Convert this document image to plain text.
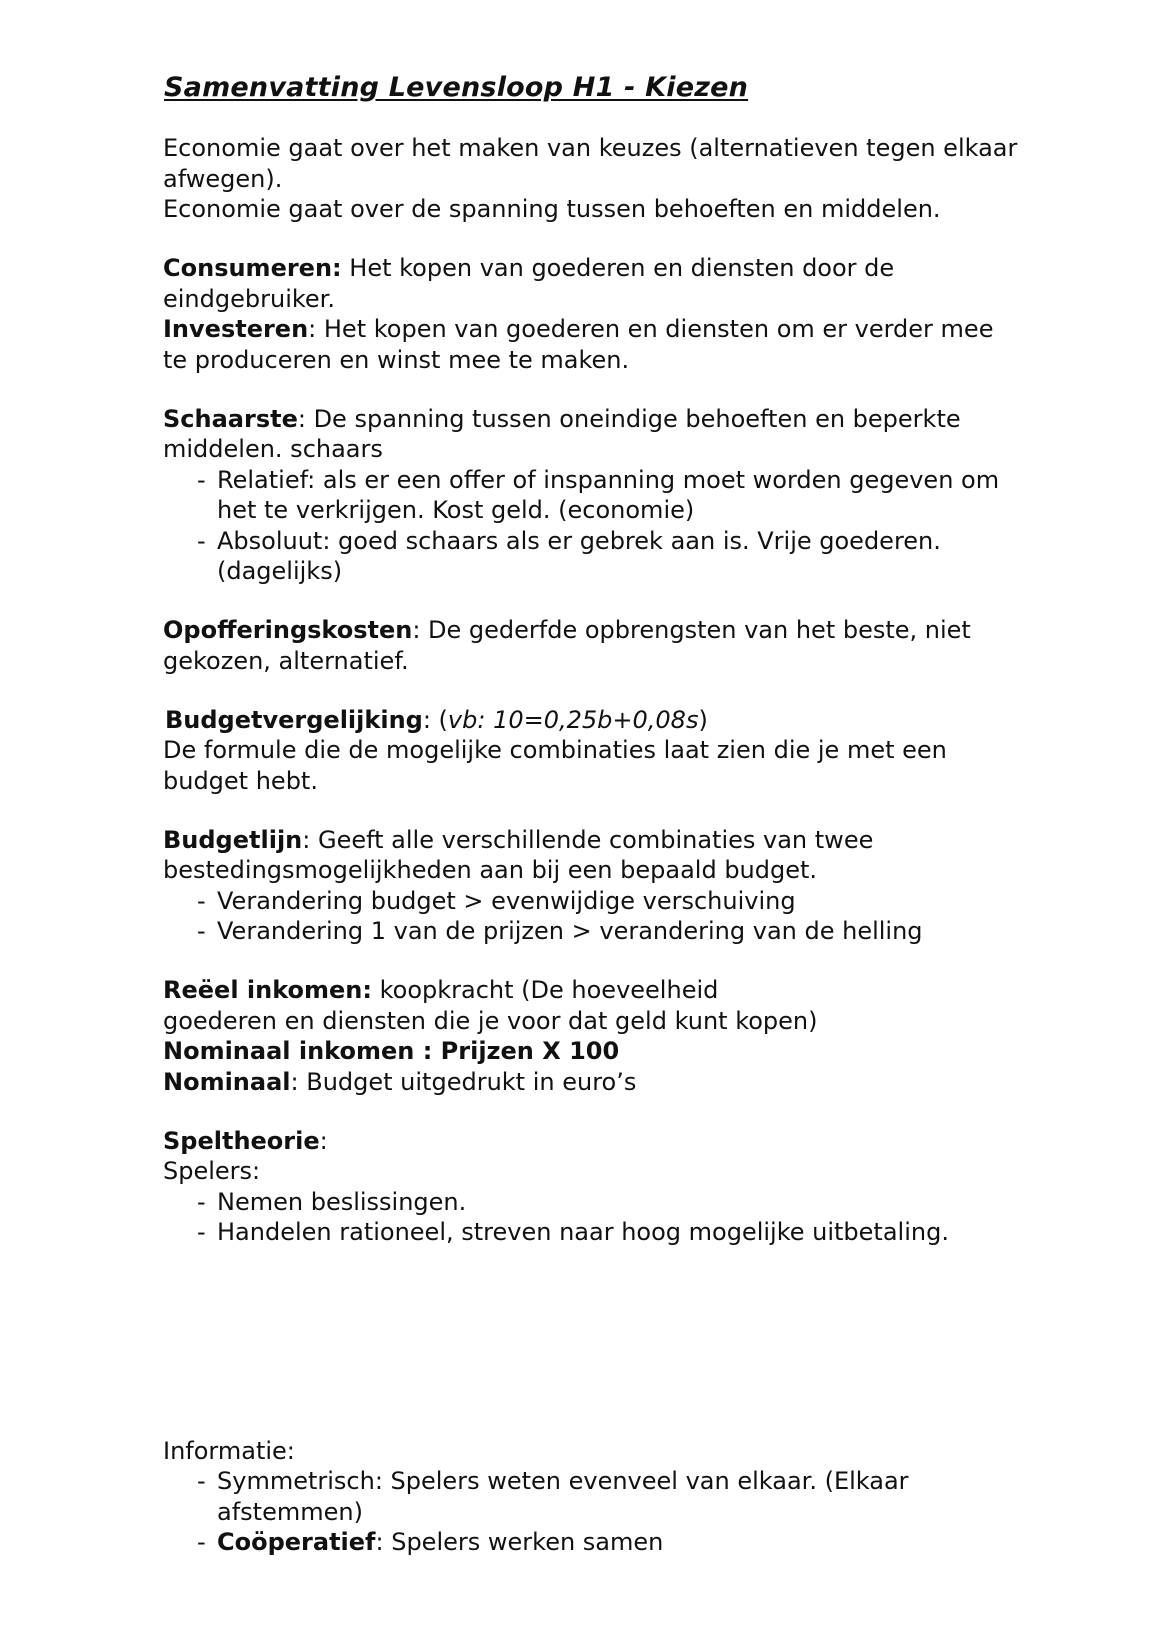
Samenvatting Levensloop H1 - Kiezen

Economie gaat over het maken van keuzes (alternatieven tegen elkaar afwegen).

Economie gaat over de spanning tussen behoeften en middelen.

Consumeren: Het kopen van goederen en diensten door de eindgebruiker.

Investeren: Het kopen van goederen en diensten om er verder mee te produceren en winst mee te maken.

Schaarste: De spanning tussen oneindige behoeften en beperkte middelen. schaars

- Relatief: als er een offer of inspanning moet worden gegeven om het te verkrijgen. Kost geld. (economie)
- Absoluut: goed schaars als er gebrek aan is. Vrije goederen. (dagelijks)

Opofferingskosten: De gederfde opbrengsten van het beste, niet gekozen, alternatief.

Budgetvergelijking: (vb: 10=0,25b+0,08s)

De formule die de mogelijke combinaties laat zien die je met een budget hebt.

Budgetlijn: Geeft alle verschillende combinaties van twee bestedingsmogelijkheden aan bij een bepaald budget.

- Verandering budget > evenwijdige verschuiving
- Verandering 1 van de prijzen > verandering van de helling

Reëel inkomen: koopkracht (De hoeveelheid goederen en diensten die je voor dat geld kunt kopen) Nominaal inkomen : Prijzen X 100

Nominaal: Budget uitgedrukt in euro’s

Speltheorie:

Spelers:

- Nemen beslissingen.
- Handelen rationeel, streven naar hoog mogelijke uitbetaling.

Informatie:

- Symmetrisch: Spelers weten evenveel van elkaar. (Elkaar afstemmen)
- Coöperatief: Spelers werken samen
